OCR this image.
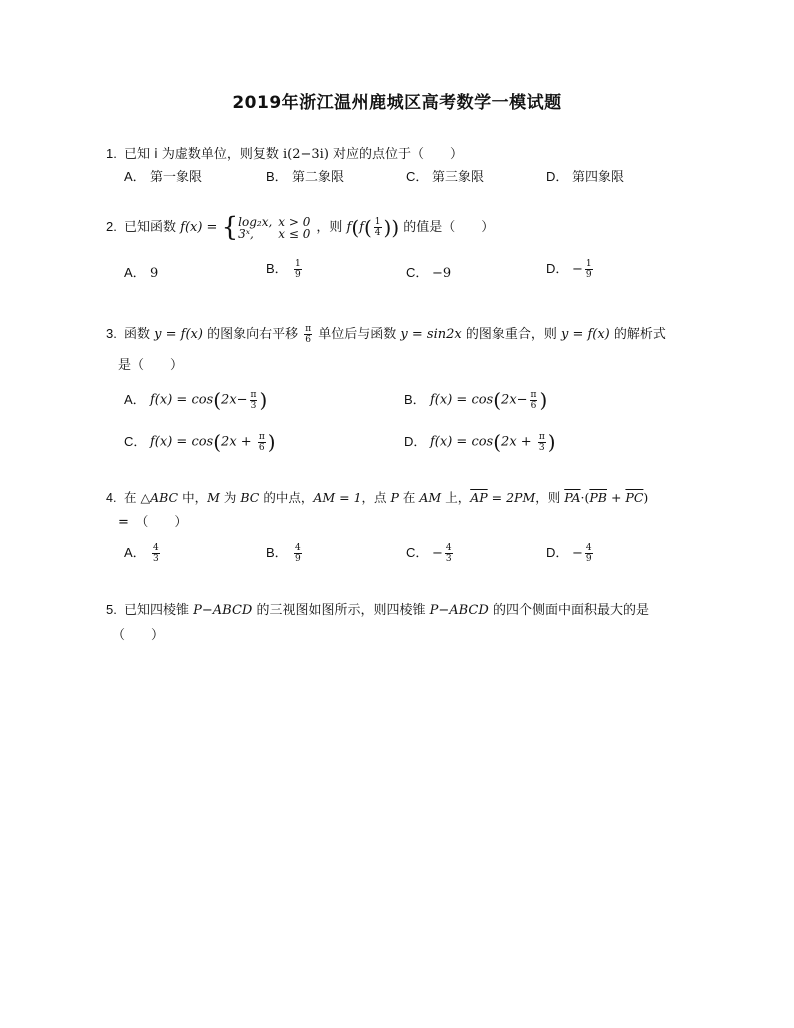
2019年浙江温州鹿城区高考数学一模试题
1. 已知 i 为虚数单位，则复数 i(2−3i) 对应的点位于（　　）
A． 第一象限	B． 第二象限	C． 第三象限	D． 第四象限
2. 已知函数 f(x) = { log₂x,	x > 0
3ˣ,	x ≤ 0 ，则 $f(f( \frac{1}{4}$ )) 的值是（　　）
A． 9	B． $\frac{1}{9}$	C． −9	D． − $\frac{1}{9}$
3. 函数 y = f(x) 的图象向右平移 $\frac{\pi}{6}$ 单位后与函数 y = sin2x 的图象重合，则 y = f(x) 的解析式
是（　　）
A． $f(x) = \cos(2x- \frac{\pi}{3}$ )	B． $f(x) = \cos(2x- \frac{\pi}{6}$ )
C． $f(x) = \cos(2x + \frac{\pi}{6}$ )	D． $f(x) = \cos(2x + \frac{\pi}{3}$ )
4. 在 △ABC 中，M 为 BC 的中点，AM = 1，点 P 在 AM 上，$\overline{AP} = 2PM$，则 $\overline{PA}\cdot(\overline{PB} + \overline{PC})$
=　（　　）
A． $\frac{4}{3}$	B． $\frac{4}{9}$	C． − $\frac{4}{3}$	D． − $\frac{4}{9}$
5. 已知四棱锥 P−ABCD 的三视图如图所示，则四棱锥 P−ABCD 的四个侧面中面积最大的是
（　　）
